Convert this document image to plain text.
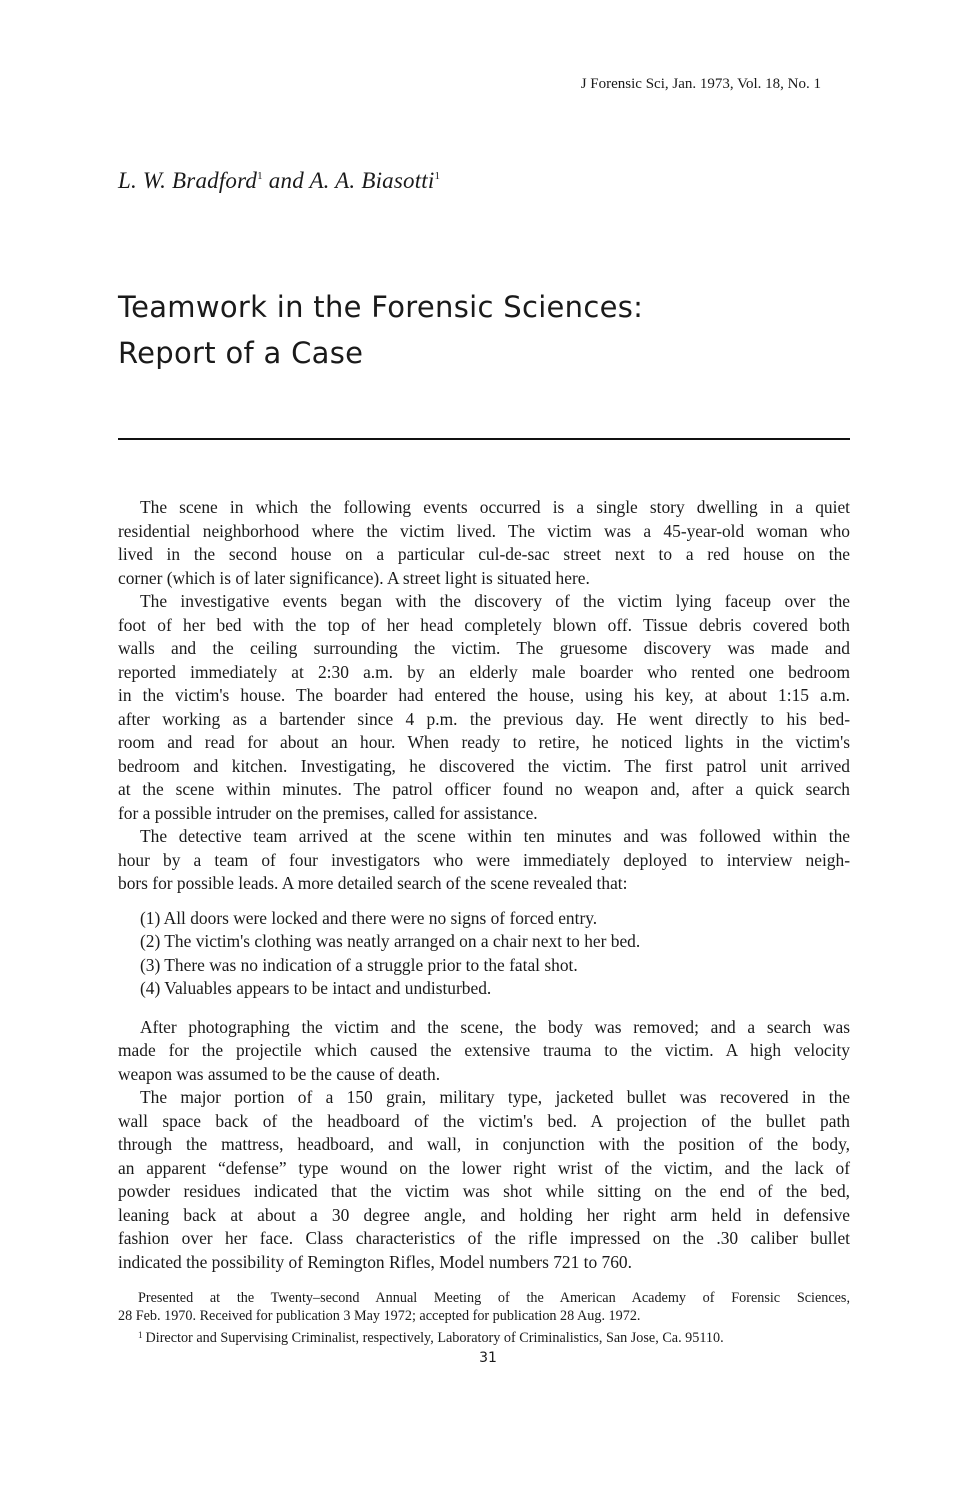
J Forensic Sci, Jan. 1973, Vol. 18, No. 1
L. W. Bradford$^1$ and A. A. Biasotti$^1$
Teamwork in the Forensic Sciences:
Report of a Case
The scene in which the following events occurred is a single story dwelling in a quiet
residential neighborhood where the victim lived. The victim was a 45-year-old woman who
lived in the second house on a particular cul-de-sac street next to a red house on the
corner (which is of later significance). A street light is situated here.
The investigative events began with the discovery of the victim lying faceup over the
foot of her bed with the top of her head completely blown off. Tissue debris covered both
walls and the ceiling surrounding the victim. The gruesome discovery was made and
reported immediately at 2:30 a.m. by an elderly male boarder who rented one bedroom
in the victim's house. The boarder had entered the house, using his key, at about 1:15 a.m.
after working as a bartender since 4 p.m. the previous day. He went directly to his bed-
room and read for about an hour. When ready to retire, he noticed lights in the victim's
bedroom and kitchen. Investigating, he discovered the victim. The first patrol unit arrived
at the scene within minutes. The patrol officer found no weapon and, after a quick search
for a possible intruder on the premises, called for assistance.
The detective team arrived at the scene within ten minutes and was followed within the
hour by a team of four investigators who were immediately deployed to interview neigh-
bors for possible leads. A more detailed search of the scene revealed that:
(1) All doors were locked and there were no signs of forced entry.
(2) The victim's clothing was neatly arranged on a chair next to her bed.
(3) There was no indication of a struggle prior to the fatal shot.
(4) Valuables appears to be intact and undisturbed.
After photographing the victim and the scene, the body was removed; and a search was
made for the projectile which caused the extensive trauma to the victim. A high velocity
weapon was assumed to be the cause of death.
The major portion of a 150 grain, military type, jacketed bullet was recovered in the
wall space back of the headboard of the victim's bed. A projection of the bullet path
through the mattress, headboard, and wall, in conjunction with the position of the body,
an apparent “defense” type wound on the lower right wrist of the victim, and the lack of
powder residues indicated that the victim was shot while sitting on the end of the bed,
leaning back at about a 30 degree angle, and holding her right arm held in defensive
fashion over her face. Class characteristics of the rifle impressed on the .30 caliber bullet
indicated the possibility of Remington Rifles, Model numbers 721 to 760.
Presented at the Twenty–second Annual Meeting of the American Academy of Forensic Sciences,
28 Feb. 1970. Received for publication 3 May 1972; accepted for publication 28 Aug. 1972.
$^1$ Director and Supervising Criminalist, respectively, Laboratory of Criminalistics, San Jose, Ca. 95110.
31
